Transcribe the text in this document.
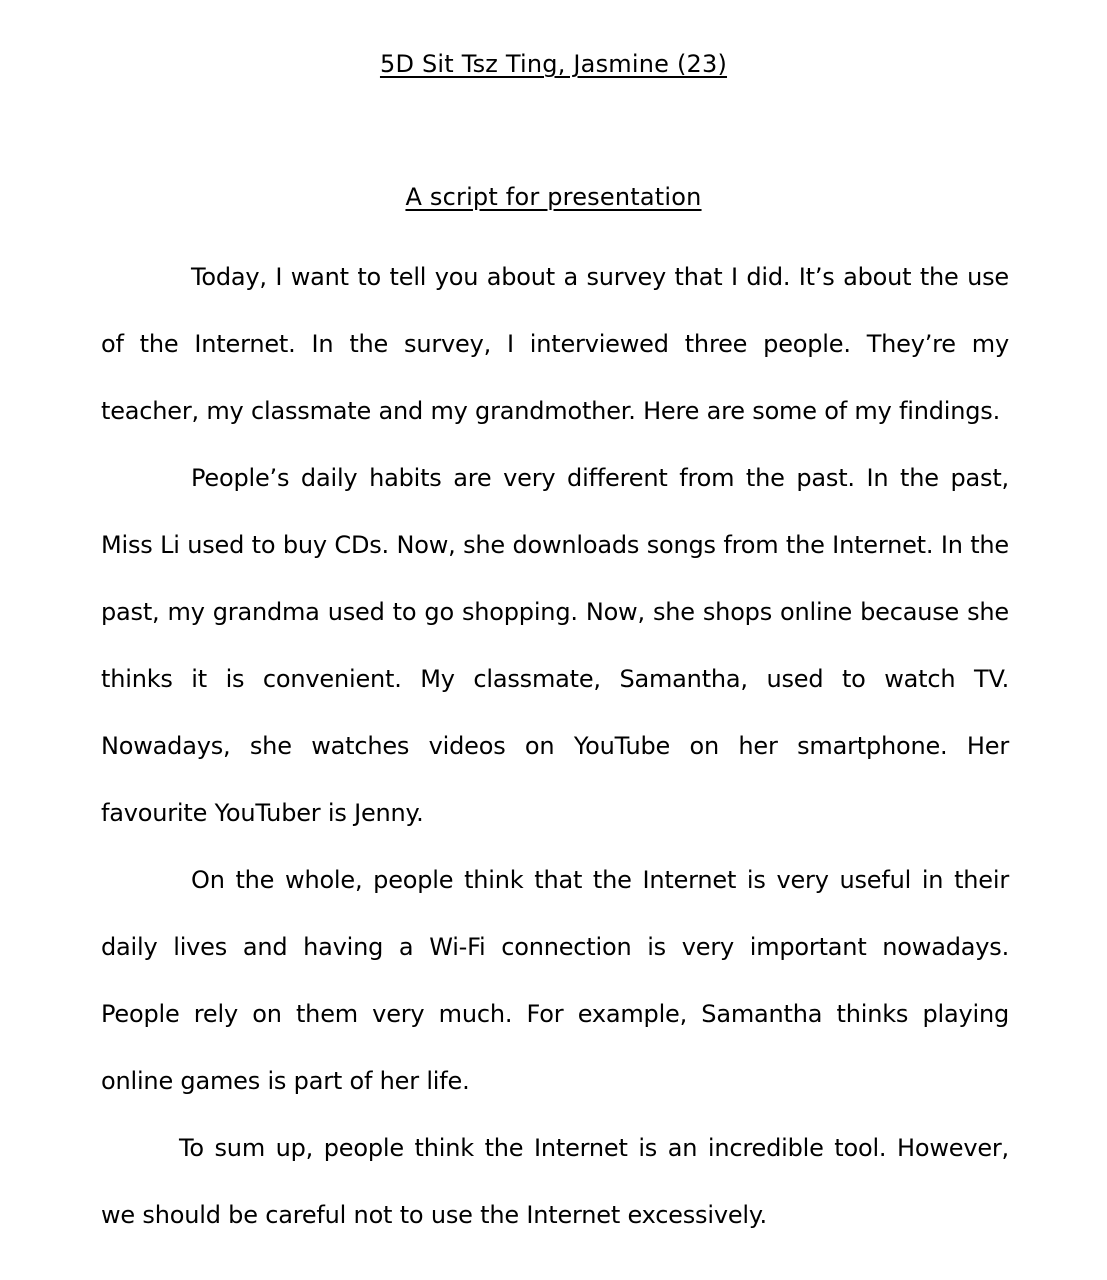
5D Sit Tsz Ting, Jasmine (23)
A script for presentation

Today, I want to tell you about a survey that I did. It’s about the use of the Internet. In the survey, I interviewed three people. They’re my teacher, my classmate and my grandmother. Here are some of my findings.

People’s daily habits are very different from the past. In the past, Miss Li used to buy CDs. Now, she downloads songs from the Internet. In the past, my grandma used to go shopping. Now, she shops online because she thinks it is convenient. My classmate, Samantha, used to watch TV. Nowadays, she watches videos on YouTube on her smartphone. Her favourite YouTuber is Jenny.

On the whole, people think that the Internet is very useful in their daily lives and having a Wi-Fi connection is very important nowadays. People rely on them very much. For example, Samantha thinks playing online games is part of her life.

To sum up, people think the Internet is an incredible tool. However, we should be careful not to use the Internet excessively.
